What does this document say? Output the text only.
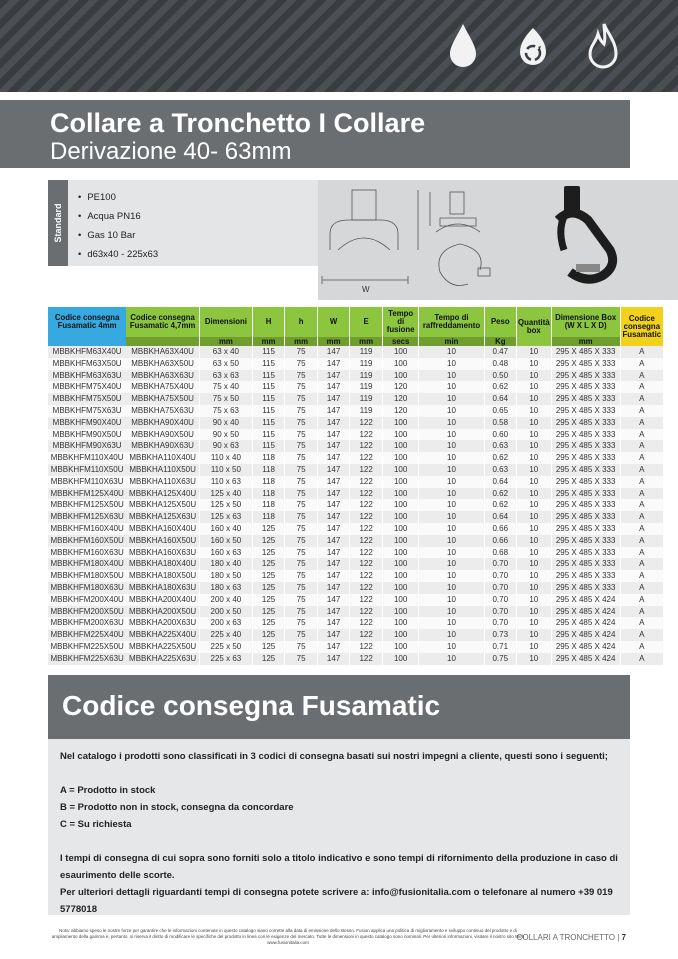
Collare a Tronchetto I Collare
Derivazione 40- 63mm
Standard
• PE100
• Acqua PN16
• Gas 10 Bar
• d63x40 - 225x63
W
Codice consegna Fusamatic 4mm	Codice consegna Fusamatic 4,7mm	Dimensioni	H	h	W	E	Tempo di fusione	Tempo di raffreddamento	Peso	Quantità box	Dimensione Box (W X L X D)	Codice consegna Fusamatic
		mm	mm	mm	mm	mm	secs	min	Kg		mm	
MBBKHFM63X40U	MBBKHA63X40U	63 x 40	115	75	147	119	100	10	0.47	10	295 X 485 X 333	A
MBBKHFM63X50U	MBBKHA63X50U	63 x 50	115	75	147	119	100	10	0.48	10	295 X 485 X 333	A
MBBKHFM63X63U	MBBKHA63X63U	63 x 63	115	75	147	119	100	10	0.50	10	295 X 485 X 333	A
MBBKHFM75X40U	MBBKHA75X40U	75 x 40	115	75	147	119	120	10	0.62	10	295 X 485 X 333	A
MBBKHFM75X50U	MBBKHA75X50U	75 x 50	115	75	147	119	120	10	0.64	10	295 X 485 X 333	A
MBBKHFM75X63U	MBBKHA75X63U	75 x 63	115	75	147	119	120	10	0.65	10	295 X 485 X 333	A
MBBKHFM90X40U	MBBKHA90X40U	90 x 40	115	75	147	122	100	10	0.58	10	295 X 485 X 333	A
MBBKHFM90X50U	MBBKHA90X50U	90 x 50	115	75	147	122	100	10	0.60	10	295 X 485 X 333	A
MBBKHFM90X63U	MBBKHA90X63U	90 x 63	115	75	147	122	100	10	0.63	10	295 X 485 X 333	A
MBBKHFM110X40U	MBBKHA110X40U	110 x 40	118	75	147	122	100	10	0.62	10	295 X 485 X 333	A
MBBKHFM110X50U	MBBKHA110X50U	110 x 50	118	75	147	122	100	10	0.63	10	295 X 485 X 333	A
MBBKHFM110X63U	MBBKHA110X63U	110 x 63	118	75	147	122	100	10	0.64	10	295 X 485 X 333	A
MBBKHFM125X40U	MBBKHA125X40U	125 x 40	118	75	147	122	100	10	0.62	10	295 X 485 X 333	A
MBBKHFM125X50U	MBBKHA125X50U	125 x 50	118	75	147	122	100	10	0.62	10	295 X 485 X 333	A
MBBKHFM125X63U	MBBKHA125X63U	125 x 63	118	75	147	122	100	10	0.64	10	295 X 485 X 333	A
MBBKHFM160X40U	MBBKHA160X40U	160 x 40	125	75	147	122	100	10	0.66	10	295 X 485 X 333	A
MBBKHFM160X50U	MBBKHA160X50U	160 x 50	125	75	147	122	100	10	0.66	10	295 X 485 X 333	A
MBBKHFM160X63U	MBBKHA160X63U	160 x 63	125	75	147	122	100	10	0.68	10	295 X 485 X 333	A
MBBKHFM180X40U	MBBKHA180X40U	180 x 40	125	75	147	122	100	10	0.70	10	295 X 485 X 333	A
MBBKHFM180X50U	MBBKHA180X50U	180 x 50	125	75	147	122	100	10	0.70	10	295 X 485 X 333	A
MBBKHFM180X63U	MBBKHA180X63U	180 x 63	125	75	147	122	100	10	0.70	10	295 X 485 X 333	A
MBBKHFM200X40U	MBBKHA200X40U	200 x 40	125	75	147	122	100	10	0.70	10	295 X 485 X 424	A
MBBKHFM200X50U	MBBKHA200X50U	200 x 50	125	75	147	122	100	10	0.70	10	295 X 485 X 424	A
MBBKHFM200X63U	MBBKHA200X63U	200 x 63	125	75	147	122	100	10	0.70	10	295 X 485 X 424	A
MBBKHFM225X40U	MBBKHA225X40U	225 x 40	125	75	147	122	100	10	0.73	10	295 X 485 X 424	A
MBBKHFM225X50U	MBBKHA225X50U	225 x 50	125	75	147	122	100	10	0.71	10	295 X 485 X 424	A
MBBKHFM225X63U	MBBKHA225X63U	225 x 63	125	75	147	122	100	10	0.75	10	295 X 485 X 424	A
Codice consegna Fusamatic

Nel catalogo i prodotti sono classificati in 3 codici di consegna basati sui nostri impegni a cliente, questi sono i seguenti;

A = Prodotto in stock

B = Prodotto non in stock, consegna da concordare

C = Su richiesta

I tempi di consegna di cui sopra sono forniti solo a titolo indicativo e sono tempi di rifornimento della produzione in caso di esaurimento delle scorte.

Per ulteriori dettagli riguardanti tempi di consegna potete scrivere a: info@fusionitalia.com o telefonare al numero +39 019 5778018

Nota: abbiamo speso le nostre forze per garantire che le informazioni contenute in questo catalogo siano corrette alla data di emissione dello stesso. Fusion applica una politica di miglioramento e sviluppo continuo del prodotto e di ampliamento della gamma e, pertanto, si riserva il diritto di modificare le specifiche del prodotto in linea con le esigenze del mercato. Tutte le dimensioni in questo catalogo sono nominali. Per ulteriori informazioni, visitare il nostro sito Web www.fusionitalia.com
COLLARI A TRONCHETTO | 7
